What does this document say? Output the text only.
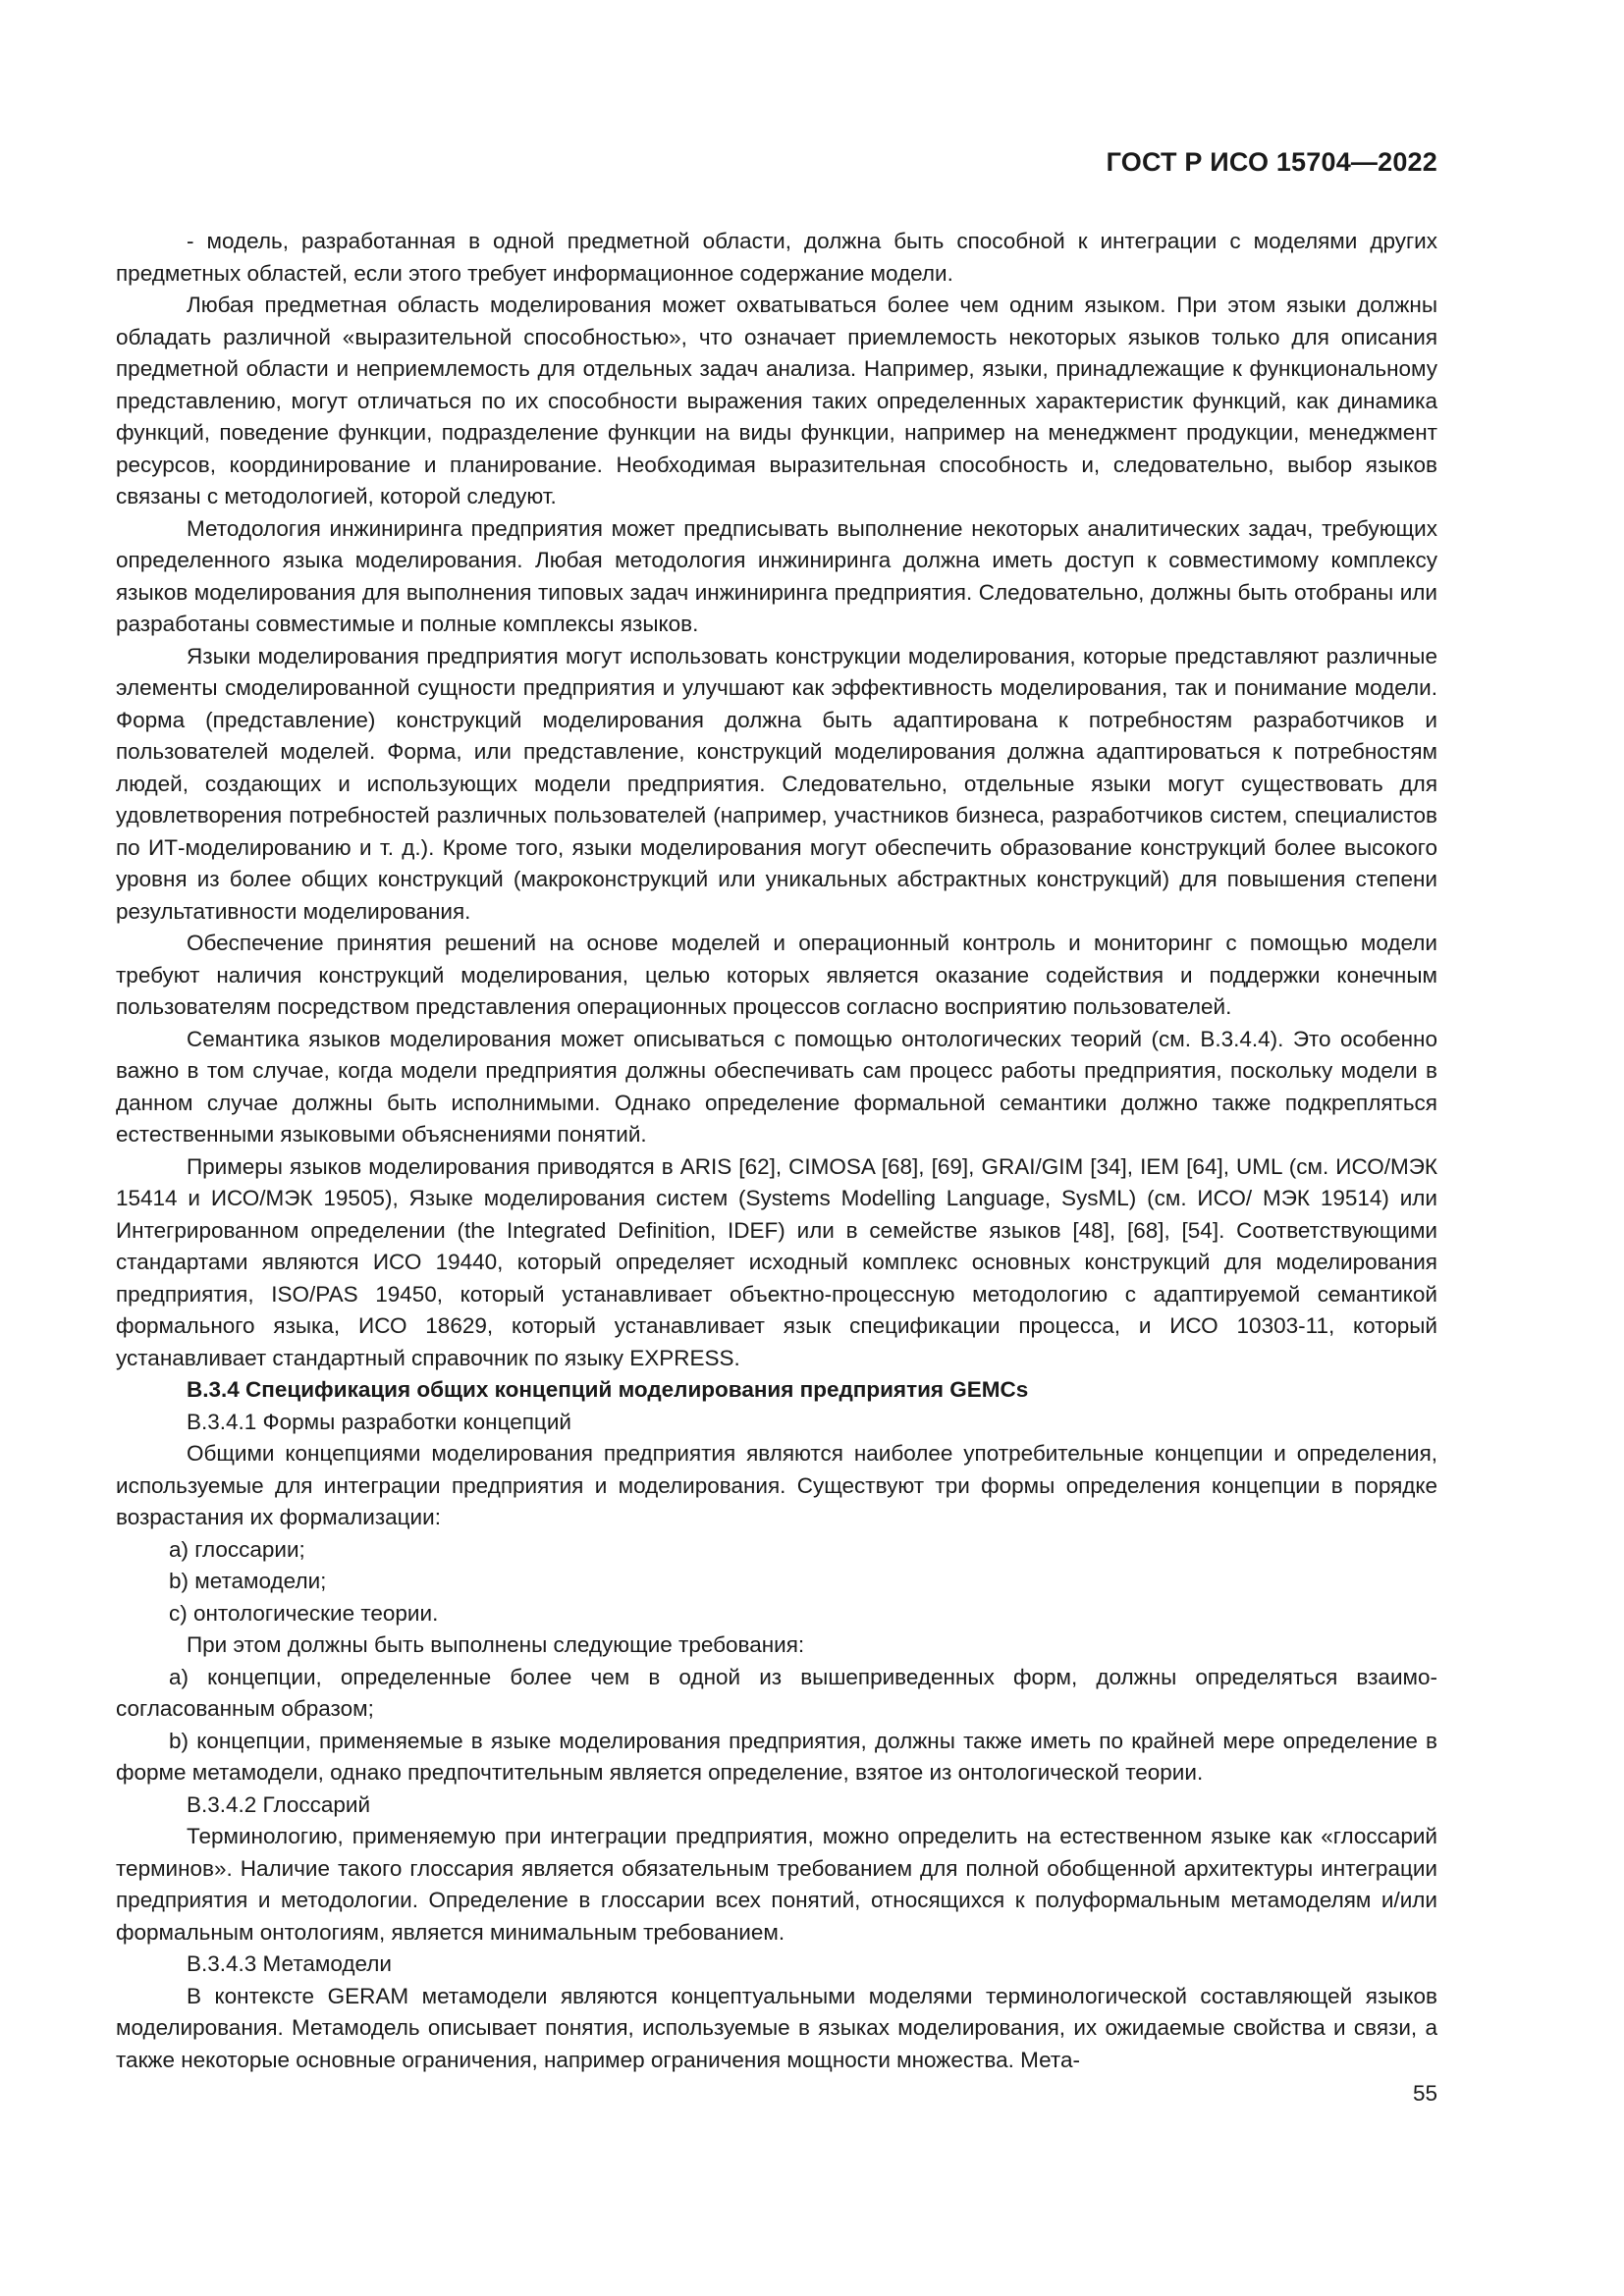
ГОСТ Р ИСО 15704—2022

- модель, разработанная в одной предметной области, должна быть способной к интеграции с моделями других предметных областей, если этого требует информационное содержание модели.

Любая предметная область моделирования может охватываться более чем одним языком. При этом языки должны обладать различной «выразительной способностью», что означает приемлемость некоторых языков только для описания предметной области и неприемлемость для отдельных задач анализа. Например, языки, принадлежащие к функциональному представлению, могут отличаться по их способности выражения таких определенных характеристик функций, как динамика функций, поведение функции, подразделение функции на виды функции, например на менеджмент продукции, менеджмент ресурсов, координирование и планирование. Необходимая выразительная способность и, следовательно, выбор языков связаны с методологией, которой следуют.

Методология инжиниринга предприятия может предписывать выполнение некоторых аналитических задач, требующих определенного языка моделирования. Любая методология инжиниринга должна иметь доступ к совместимому комплексу языков моделирования для выполнения типовых задач инжиниринга предприятия. Следовательно, должны быть отобраны или разработаны совместимые и полные комплексы языков.

Языки моделирования предприятия могут использовать конструкции моделирования, которые представляют различные элементы смоделированной сущности предприятия и улучшают как эффективность моделирования, так и понимание модели. Форма (представление) конструкций моделирования должна быть адаптирована к потребностям разработчиков и пользователей моделей. Форма, или представление, конструкций моделирования должна адаптироваться к потребностям людей, создающих и использующих модели предприятия. Следовательно, отдельные языки могут существовать для удовлетворения потребностей различных пользователей (например, участников бизнеса, разработчиков систем, специалистов по ИТ-моделированию и т. д.). Кроме того, языки моделирования могут обеспечить образование конструкций более высокого уровня из более общих конструкций (макроконструкций или уникальных абстрактных конструкций) для повышения степени результативности моделирования.

Обеспечение принятия решений на основе моделей и операционный контроль и мониторинг с помощью модели требуют наличия конструкций моделирования, целью которых является оказание содействия и поддержки конечным пользователям посредством представления операционных процессов согласно восприятию пользователей.

Семантика языков моделирования может описываться с помощью онтологических теорий (см. B.3.4.4). Это особенно важно в том случае, когда модели предприятия должны обеспечивать сам процесс работы предприятия, поскольку модели в данном случае должны быть исполнимыми. Однако определение формальной семантики должно также подкрепляться естественными языковыми объяснениями понятий.

Примеры языков моделирования приводятся в ARIS [62], CIMOSA [68], [69], GRAI/GIM [34], IEM [64], UML (см. ИСО/МЭК 15414 и ИСО/МЭК 19505), Языке моделирования систем (Systems Modelling Language, SysML) (см. ИСО/ МЭК 19514) или Интегрированном определении (the Integrated Definition, IDEF) или в семействе языков [48], [68], [54]. Соответствующими стандартами являются ИСО 19440, который определяет исходный комплекс основных конструкций для моделирования предприятия, ISO/PAS 19450, который устанавливает объектно-процессную методологию с адаптируемой семантикой формального языка, ИСО 18629, который устанавливает язык спецификации процесса, и ИСО 10303-11, который устанавливает стандартный справочник по языку EXPRESS.

B.3.4 Спецификация общих концепций моделирования предприятия GEMCs

B.3.4.1 Формы разработки концепций

Общими концепциями моделирования предприятия являются наиболее употребительные концепции и определения, используемые для интеграции предприятия и моделирования. Существуют три формы определения концепции в порядке возрастания их формализации:

a) глоссарии;

b) метамодели;

c) онтологические теории.

При этом должны быть выполнены следующие требования:

a) концепции, определенные более чем в одной из вышеприведенных форм, должны определяться взаимосогласованным образом;

b) концепции, применяемые в языке моделирования предприятия, должны также иметь по крайней мере определение в форме метамодели, однако предпочтительным является определение, взятое из онтологической теории.

B.3.4.2 Глоссарий

Терминологию, применяемую при интеграции предприятия, можно определить на естественном языке как «глоссарий терминов». Наличие такого глоссария является обязательным требованием для полной обобщенной архитектуры интеграции предприятия и методологии. Определение в глоссарии всех понятий, относящихся к полуформальным метамоделям и/или формальным онтологиям, является минимальным требованием.

B.3.4.3 Метамодели

В контексте GERAM метамодели являются концептуальными моделями терминологической составляющей языков моделирования. Метамодель описывает понятия, используемые в языках моделирования, их ожидаемые свойства и связи, а также некоторые основные ограничения, например ограничения мощности множества. Мета-

55
